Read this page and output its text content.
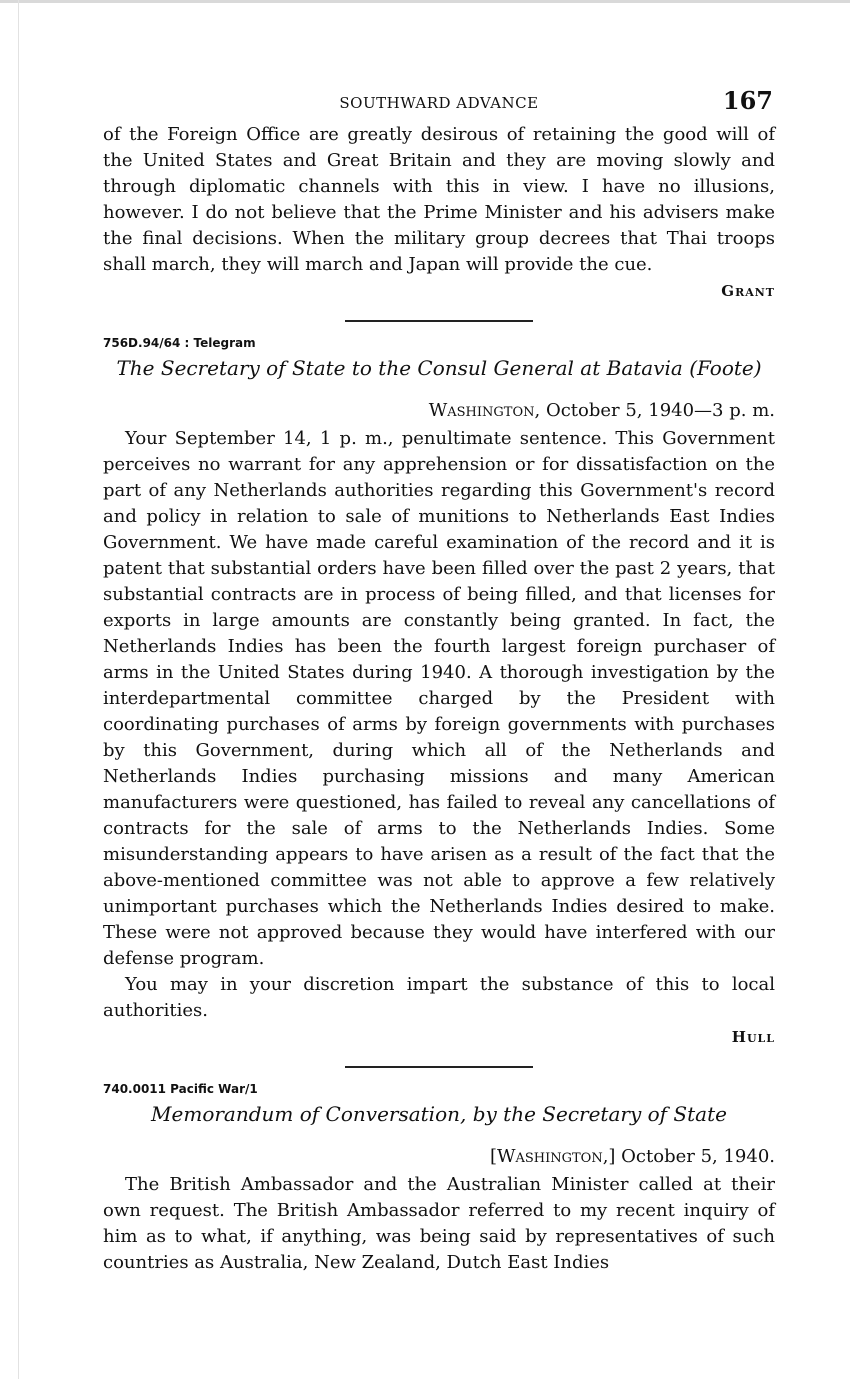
SOUTHWARD ADVANCE	167

of the Foreign Office are greatly desirous of retaining the good will of the United States and Great Britain and they are moving slowly and through diplomatic channels with this in view. I have no illusions, however. I do not believe that the Prime Minister and his advisers make the final decisions. When the military group decrees that Thai troops shall march, they will march and Japan will provide the cue.

Grant
756D.94/64 : Telegram
The Secretary of State to the Consul General at Batavia (Foote)
Washington, October 5, 1940—3 p. m.

Your September 14, 1 p. m., penultimate sentence. This Government perceives no warrant for any apprehension or for dissatisfaction on the part of any Netherlands authorities regarding this Government's record and policy in relation to sale of munitions to Netherlands East Indies Government. We have made careful examination of the record and it is patent that substantial orders have been filled over the past 2 years, that substantial contracts are in process of being filled, and that licenses for exports in large amounts are constantly being granted. In fact, the Netherlands Indies has been the fourth largest foreign purchaser of arms in the United States during 1940. A thorough investigation by the interdepartmental committee charged by the President with coordinating purchases of arms by foreign governments with purchases by this Government, during which all of the Netherlands and Netherlands Indies purchasing missions and many American manufacturers were questioned, has failed to reveal any cancellations of contracts for the sale of arms to the Netherlands Indies. Some misunderstanding appears to have arisen as a result of the fact that the above-mentioned committee was not able to approve a few relatively unimportant purchases which the Netherlands Indies desired to make. These were not approved because they would have interfered with our defense program.

You may in your discretion impart the substance of this to local authorities.

Hull
740.0011 Pacific War/1
Memorandum of Conversation, by the Secretary of State
[Washington,] October 5, 1940.

The British Ambassador and the Australian Minister called at their own request. The British Ambassador referred to my recent inquiry of him as to what, if anything, was being said by representatives of such countries as Australia, New Zealand, Dutch East Indies
